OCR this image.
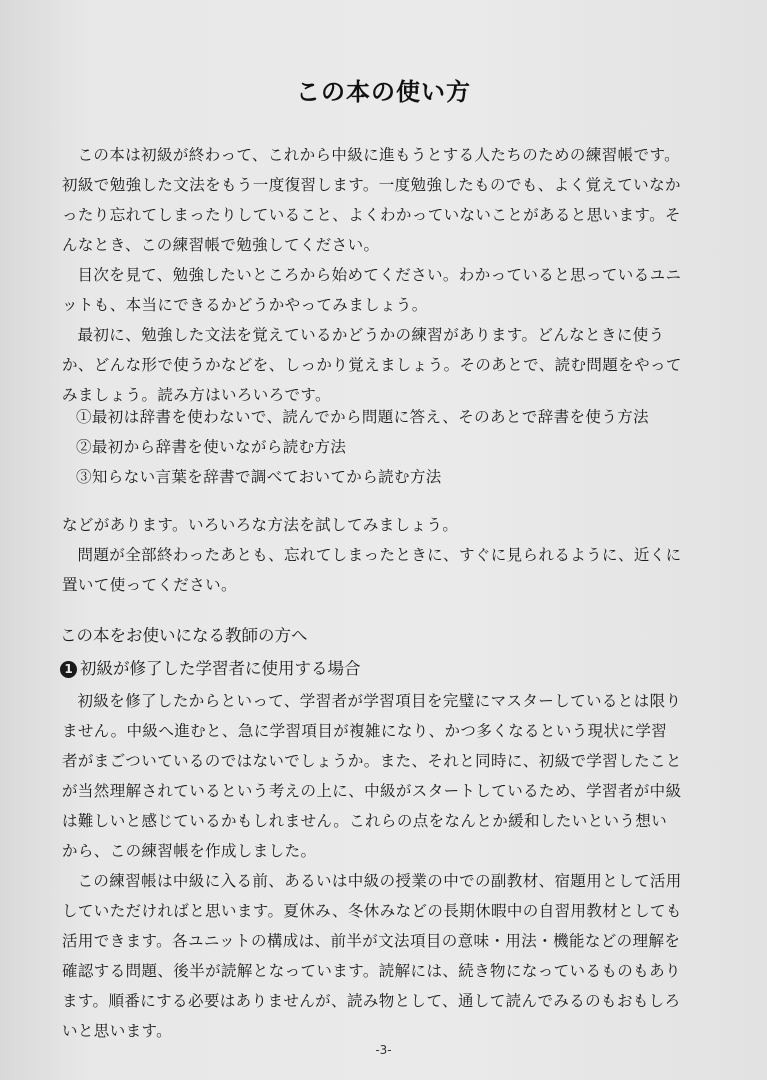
この本の使い方

この本は初級が終わって、これから中級に進もうとする人たちのための練習帳です。初級で勉強した文法をもう一度復習します。一度勉強したものでも、よく覚えていなかったり忘れてしまったりしていること、よくわかっていないことがあると思います。そんなとき、この練習帳で勉強してください。

目次を見て、勉強したいところから始めてください。わかっていると思っているユニットも、本当にできるかどうかやってみましょう。

最初に、勉強した文法を覚えているかどうかの練習があります。どんなときに使うか、どんな形で使うかなどを、しっかり覚えましょう。そのあとで、読む問題をやってみましょう。読み方はいろいろです。

①最初は辞書を使わないで、読んでから問題に答え、そのあとで辞書を使う方法
②最初から辞書を使いながら読む方法
③知らない言葉を辞書で調べておいてから読む方法

などがあります。いろいろな方法を試してみましょう。

問題が全部終わったあとも、忘れてしまったときに、すぐに見られるように、近くに置いて使ってください。

この本をお使いになる教師の方へ
1 初級が修了した学習者に使用する場合

初級を修了したからといって、学習者が学習項目を完璧にマスターしているとは限りません。中級へ進むと、急に学習項目が複雑になり、かつ多くなるという現状に学習者がまごついているのではないでしょうか。また、それと同時に、初級で学習したことが当然理解されているという考えの上に、中級がスタートしているため、学習者が中級は難しいと感じているかもしれません。これらの点をなんとか緩和したいという想いから、この練習帳を作成しました。

この練習帳は中級に入る前、あるいは中級の授業の中での副教材、宿題用として活用していただければと思います。夏休み、冬休みなどの長期休暇中の自習用教材としても活用できます。各ユニットの構成は、前半が文法項目の意味・用法・機能などの理解を確認する問題、後半が読解となっています。読解には、続き物になっているものもあります。順番にする必要はありませんが、読み物として、通して読んでみるのもおもしろいと思います。

-3-
